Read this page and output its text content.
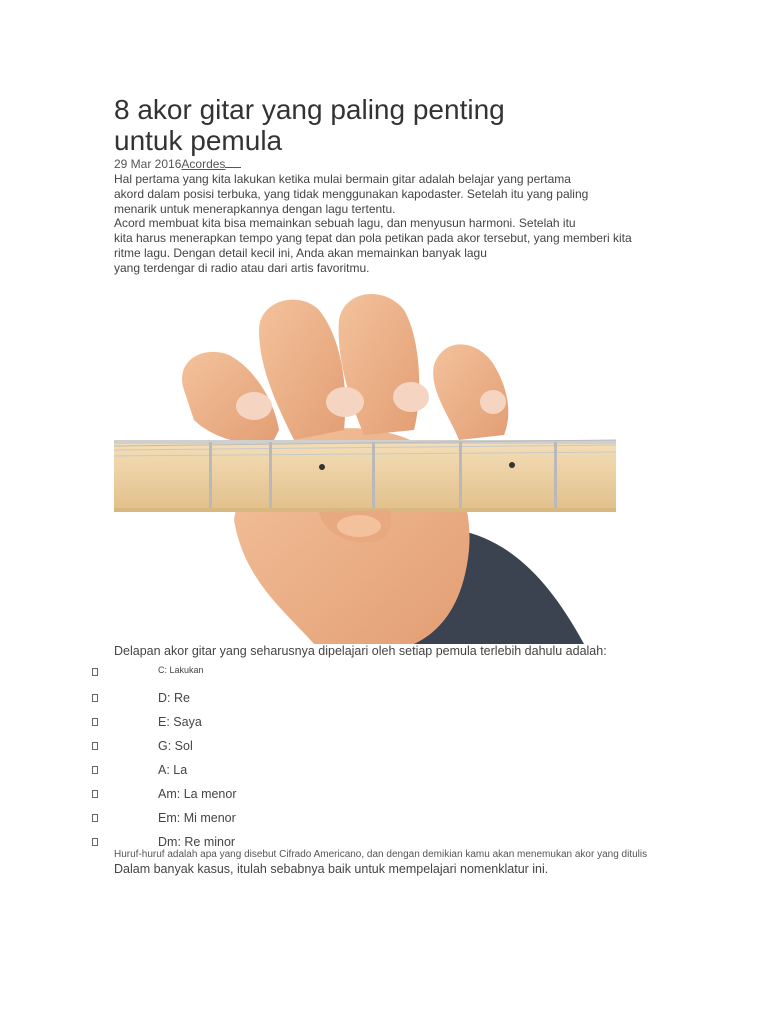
8 akor gitar yang paling penting
untuk pemula
29 Mar 2016Acordes
Hal pertama yang kita lakukan ketika mulai bermain gitar adalah belajar yang pertama
akord dalam posisi terbuka, yang tidak menggunakan kapodaster. Setelah itu yang paling
menarik untuk menerapkannya dengan lagu tertentu.
Acord membuat kita bisa memainkan sebuah lagu, dan menyusun harmoni. Setelah itu
kita harus menerapkan tempo yang tepat dan pola petikan pada akor tersebut, yang memberi kita
ritme lagu. Dengan detail kecil ini, Anda akan memainkan banyak lagu
yang terdengar di radio atau dari artis favoritmu.
Delapan akor gitar yang seharusnya dipelajari oleh setiap pemula terlebih dahulu adalah:
C: Lakukan
D: Re
E: Saya
G: Sol
A: La
Am: La menor
Em: Mi menor
Dm: Re minor
Huruf-huruf adalah apa yang disebut Cifrado Americano, dan dengan demikian kamu akan menemukan akor yang ditulis
Dalam banyak kasus, itulah sebabnya baik untuk mempelajari nomenklatur ini.
